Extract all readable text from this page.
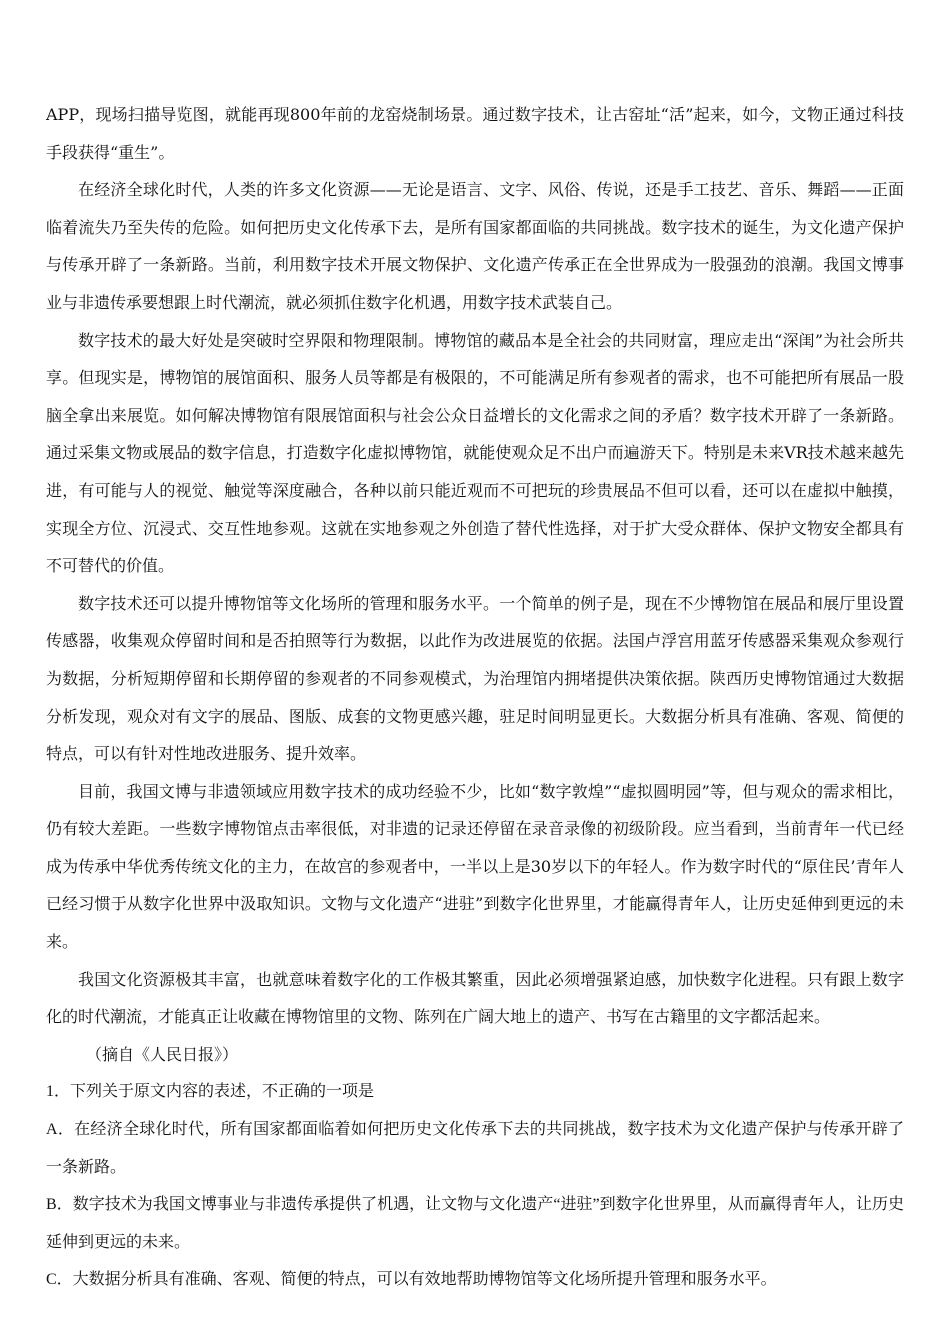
APP，现场扫描导览图，就能再现800年前的龙窑烧制场景。通过数字技术，让古窑址“活”起来，如今，文物正通过科技手段获得“重生”。

在经济全球化时代，人类的许多文化资源——无论是语言、文字、风俗、传说，还是手工技艺、音乐、舞蹈——正面临着流失乃至失传的危险。如何把历史文化传承下去，是所有国家都面临的共同挑战。数字技术的诞生，为文化遗产保护与传承开辟了一条新路。当前，利用数字技术开展文物保护、文化遗产传承正在全世界成为一股强劲的浪潮。我国文博事业与非遗传承要想跟上时代潮流，就必须抓住数字化机遇，用数字技术武装自己。

数字技术的最大好处是突破时空界限和物理限制。博物馆的藏品本是全社会的共同财富，理应走出“深闺”为社会所共享。但现实是，博物馆的展馆面积、服务人员等都是有极限的，不可能满足所有参观者的需求，也不可能把所有展品一股脑全拿出来展览。如何解决博物馆有限展馆面积与社会公众日益增长的文化需求之间的矛盾？数字技术开辟了一条新路。通过采集文物或展品的数字信息，打造数字化虚拟博物馆，就能使观众足不出户而遍游天下。特别是未来VR技术越来越先进，有可能与人的视觉、触觉等深度融合，各种以前只能近观而不可把玩的珍贵展品不但可以看，还可以在虚拟中触摸，实现全方位、沉浸式、交互性地参观。这就在实地参观之外创造了替代性选择，对于扩大受众群体、保护文物安全都具有不可替代的价值。

数字技术还可以提升博物馆等文化场所的管理和服务水平。一个简单的例子是，现在不少博物馆在展品和展厅里设置传感器，收集观众停留时间和是否拍照等行为数据，以此作为改进展览的依据。法国卢浮宫用蓝牙传感器采集观众参观行为数据，分析短期停留和长期停留的参观者的不同参观模式，为治理馆内拥堵提供决策依据。陕西历史博物馆通过大数据分析发现，观众对有文字的展品、图版、成套的文物更感兴趣，驻足时间明显更长。大数据分析具有准确、客观、简便的特点，可以有针对性地改进服务、提升效率。

目前，我国文博与非遗领域应用数字技术的成功经验不少，比如“数字敦煌”“虚拟圆明园”等，但与观众的需求相比，仍有较大差距。一些数字博物馆点击率很低，对非遗的记录还停留在录音录像的初级阶段。应当看到，当前青年一代已经成为传承中华优秀传统文化的主力，在故宫的参观者中，一半以上是30岁以下的年轻人。作为数字时代的“原住民’青年人已经习惯于从数字化世界中汲取知识。文物与文化遗产“进驻”到数字化世界里，才能赢得青年人，让历史延伸到更远的未来。

我国文化资源极其丰富，也就意味着数字化的工作极其繁重，因此必须增强紧迫感，加快数字化进程。只有跟上数字化的时代潮流，才能真正让收藏在博物馆里的文物、陈列在广阔大地上的遗产、书写在古籍里的文字都活起来。

（摘自《人民日报》）

1．下列关于原文内容的表述，不正确的一项是

A．在经济全球化时代，所有国家都面临着如何把历史文化传承下去的共同挑战，数字技术为文化遗产保护与传承开辟了一条新路。

B．数字技术为我国文博事业与非遗传承提供了机遇，让文物与文化遗产“进驻”到数字化世界里，从而赢得青年人，让历史延伸到更远的未来。

C．大数据分析具有准确、客观、简便的特点，可以有效地帮助博物馆等文化场所提升管理和服务水平。
